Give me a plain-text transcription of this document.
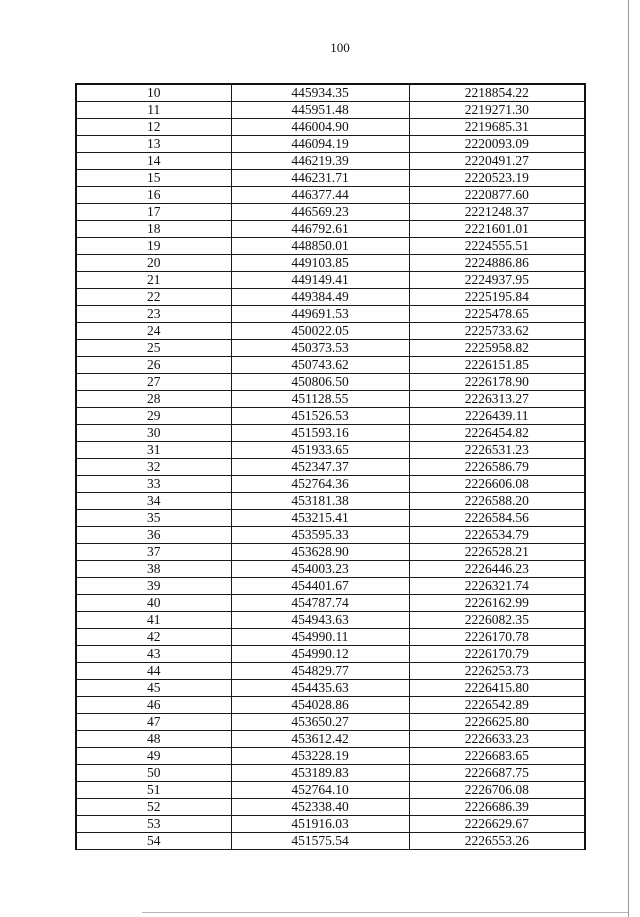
100
10	445934.35	2218854.22
11	445951.48	2219271.30
12	446004.90	2219685.31
13	446094.19	2220093.09
14	446219.39	2220491.27
15	446231.71	2220523.19
16	446377.44	2220877.60
17	446569.23	2221248.37
18	446792.61	2221601.01
19	448850.01	2224555.51
20	449103.85	2224886.86
21	449149.41	2224937.95
22	449384.49	2225195.84
23	449691.53	2225478.65
24	450022.05	2225733.62
25	450373.53	2225958.82
26	450743.62	2226151.85
27	450806.50	2226178.90
28	451128.55	2226313.27
29	451526.53	2226439.11
30	451593.16	2226454.82
31	451933.65	2226531.23
32	452347.37	2226586.79
33	452764.36	2226606.08
34	453181.38	2226588.20
35	453215.41	2226584.56
36	453595.33	2226534.79
37	453628.90	2226528.21
38	454003.23	2226446.23
39	454401.67	2226321.74
40	454787.74	2226162.99
41	454943.63	2226082.35
42	454990.11	2226170.78
43	454990.12	2226170.79
44	454829.77	2226253.73
45	454435.63	2226415.80
46	454028.86	2226542.89
47	453650.27	2226625.80
48	453612.42	2226633.23
49	453228.19	2226683.65
50	453189.83	2226687.75
51	452764.10	2226706.08
52	452338.40	2226686.39
53	451916.03	2226629.67
54	451575.54	2226553.26
